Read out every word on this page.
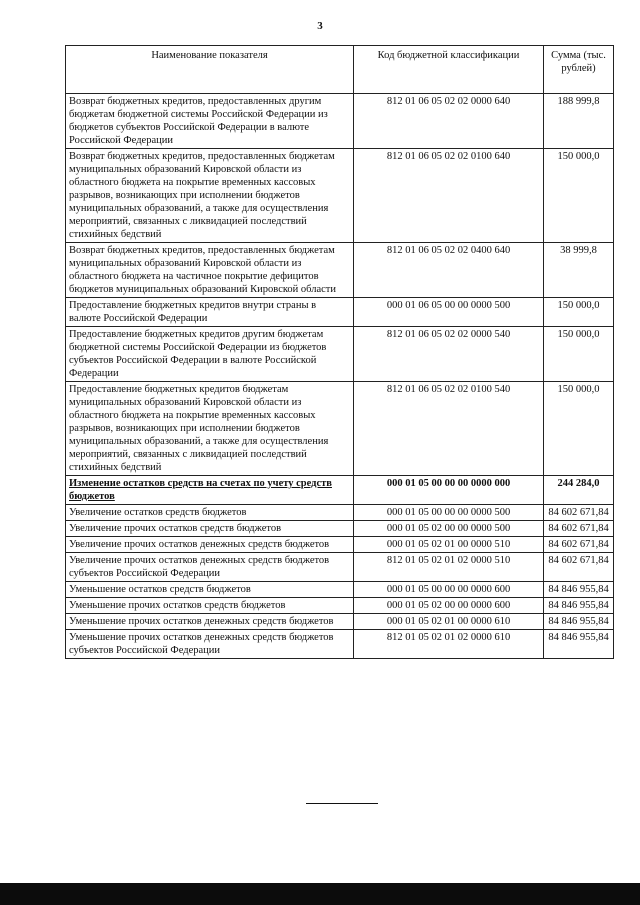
3
Наименование показателя	Код бюджетной классификации	Сумма (тыс. рублей)
Возврат бюджетных кредитов, предоставленных другим бюджетам бюджетной системы Российской Федерации из бюджетов субъектов Российской Федерации в валюте Российской Федерации	812 01 06 05 02 02 0000 640	188 999,8
Возврат бюджетных кредитов, предоставленных бюджетам муниципальных образований Кировской области из областного бюджета на покрытие временных кассовых разрывов, возникающих при исполнении бюджетов муниципальных образований, а также для осуществления мероприятий, связанных с ликвидацией последствий стихийных бедствий	812 01 06 05 02 02 0100 640	150 000,0
Возврат бюджетных кредитов, предоставленных бюджетам муниципальных образований Кировской области из областного бюджета на частичное покрытие дефицитов бюджетов муниципальных образований Кировской области	812 01 06 05 02 02 0400 640	38 999,8
Предоставление бюджетных кредитов внутри страны в валюте Российской Федерации	000 01 06 05 00 00 0000 500	150 000,0
Предоставление бюджетных кредитов другим бюджетам бюджетной системы Российской Федерации из бюджетов субъектов Российской Федерации в валюте Российской Федерации	812 01 06 05 02 02 0000 540	150 000,0
Предоставление бюджетных кредитов бюджетам муниципальных образований Кировской области из областного бюджета на покрытие временных кассовых разрывов, возникающих при исполнении бюджетов муниципальных образований, а также для осуществления мероприятий, связанных с ликвидацией последствий стихийных бедствий	812 01 06 05 02 02 0100 540	150 000,0
Изменение остатков средств на счетах по учету средств бюджетов	000 01 05 00 00 00 0000 000	244 284,0
Увеличение остатков средств бюджетов	000 01 05 00 00 00 0000 500	84 602 671,84
Увеличение прочих остатков средств бюджетов	000 01 05 02 00 00 0000 500	84 602 671,84
Увеличение прочих остатков денежных средств бюджетов	000 01 05 02 01 00 0000 510	84 602 671,84
Увеличение прочих остатков денежных средств бюджетов субъектов Российской Федерации	812 01 05 02 01 02 0000 510	84 602 671,84
Уменьшение остатков средств бюджетов	000 01 05 00 00 00 0000 600	84 846 955,84
Уменьшение прочих остатков средств бюджетов	000 01 05 02 00 00 0000 600	84 846 955,84
Уменьшение прочих остатков денежных средств бюджетов	000 01 05 02 01 00 0000 610	84 846 955,84
Уменьшение прочих остатков денежных средств бюджетов субъектов Российской Федерации	812 01 05 02 01 02 0000 610	84 846 955,84
